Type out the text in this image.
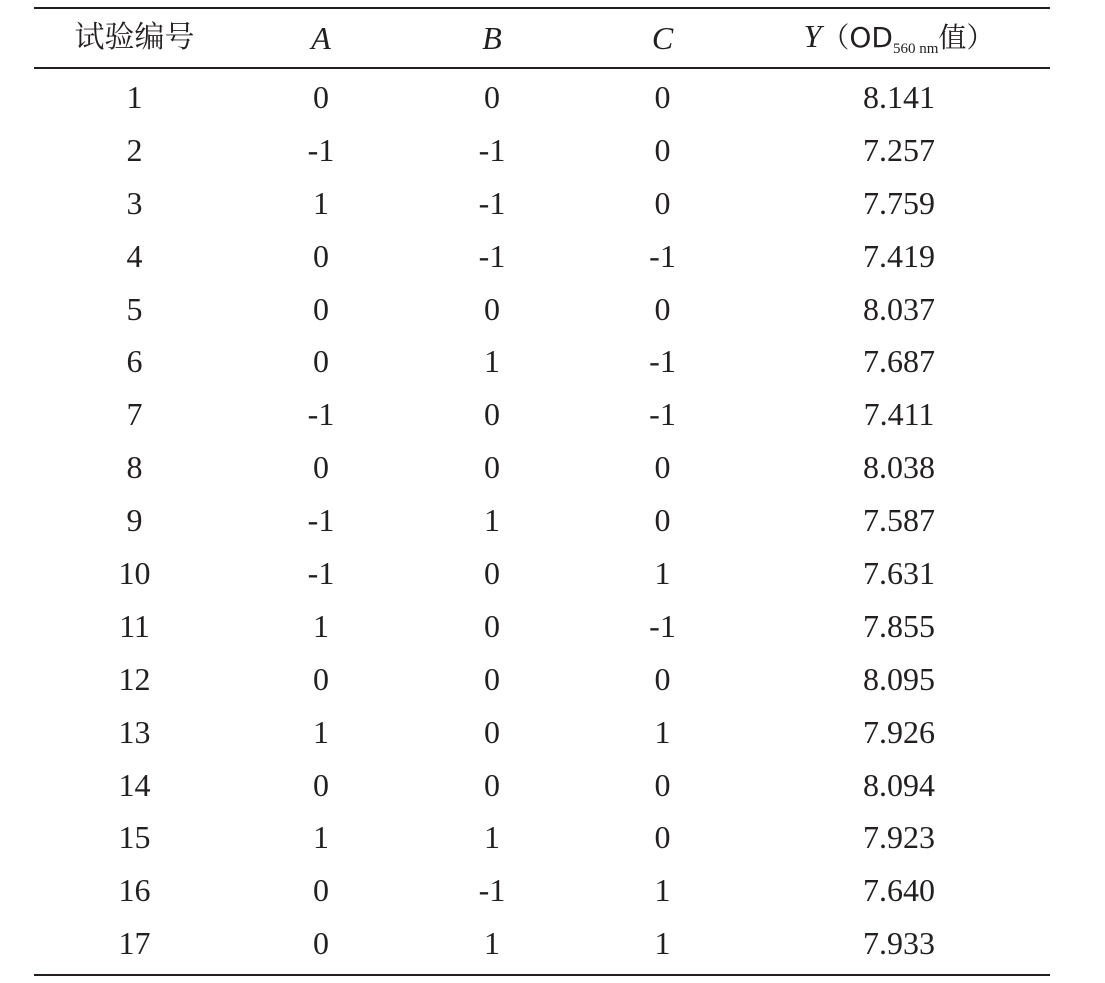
试验编号	A	B	C	$Y(OD_{560 nm}$值）
1	0	0	0	8.141
2	-1	-1	0	7.257
3	1	-1	0	7.759
4	0	-1	-1	7.419
5	0	0	0	8.037
6	0	1	-1	7.687
7	-1	0	-1	7.411
8	0	0	0	8.038
9	-1	1	0	7.587
10	-1	0	1	7.631
11	1	0	-1	7.855
12	0	0	0	8.095
13	1	0	1	7.926
14	0	0	0	8.094
15	1	1	0	7.923
16	0	-1	1	7.640
17	0	1	1	7.933
